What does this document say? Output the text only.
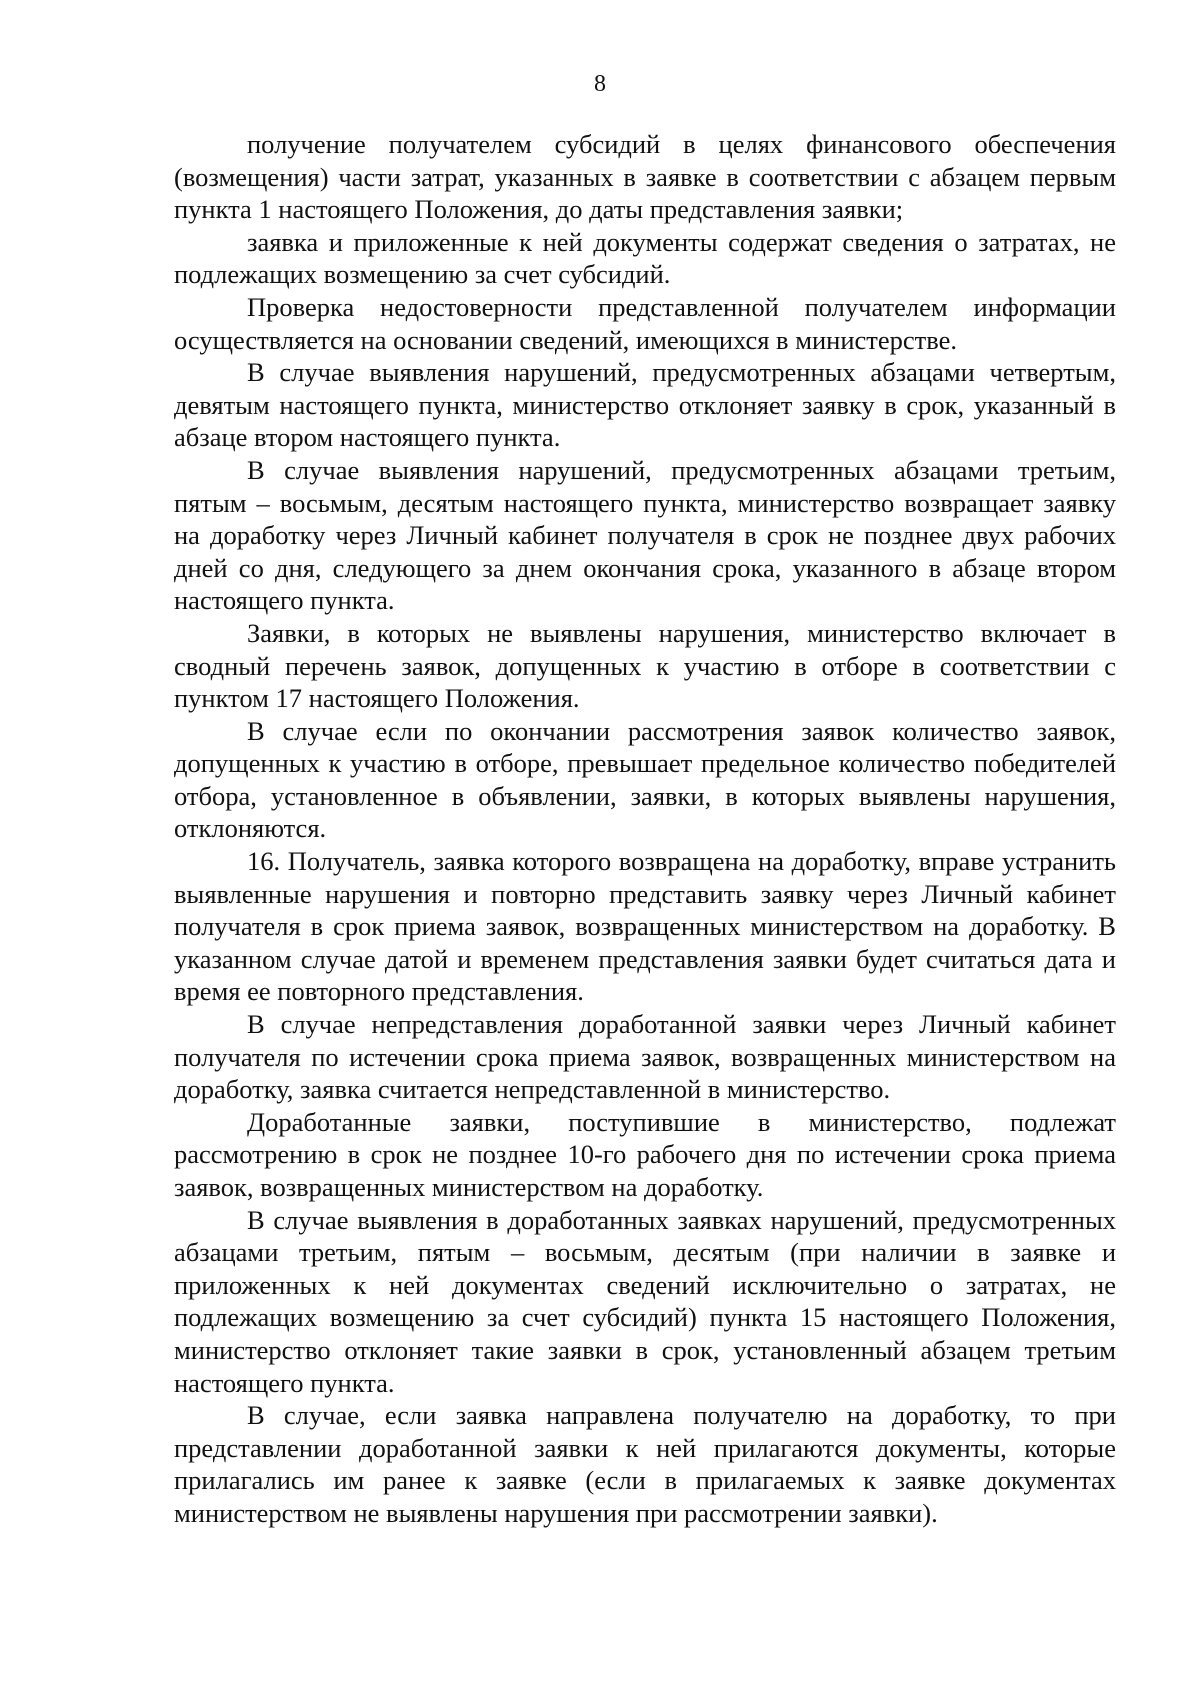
8

получение получателем субсидий в целях финансового обеспечения (возмещения) части затрат, указанных в заявке в соответствии с абзацем первым пункта 1 настоящего Положения, до даты представления заявки;

заявка и приложенные к ней документы содержат сведения о затратах, не подлежащих возмещению за счет субсидий.

Проверка недостоверности представленной получателем информации осуществляется на основании сведений, имеющихся в министерстве.

В случае выявления нарушений, предусмотренных абзацами четвертым, девятым настоящего пункта, министерство отклоняет заявку в срок, указанный в абзаце втором настоящего пункта.

В случае выявления нарушений, предусмотренных абзацами третьим, пятым – восьмым, десятым настоящего пункта, министерство возвращает заявку на доработку через Личный кабинет получателя в срок не позднее двух рабочих дней со дня, следующего за днем окончания срока, указанного в абзаце втором настоящего пункта.

Заявки, в которых не выявлены нарушения, министерство включает в сводный перечень заявок, допущенных к участию в отборе в соответствии с пунктом 17 настоящего Положения.

В случае если по окончании рассмотрения заявок количество заявок, допущенных к участию в отборе, превышает предельное количество победителей отбора, установленное в объявлении, заявки, в которых выявлены нарушения, отклоняются.

16. Получатель, заявка которого возвращена на доработку, вправе устранить выявленные нарушения и повторно представить заявку через Личный кабинет получателя в срок приема заявок, возвращенных министерством на доработку. В указанном случае датой и временем представления заявки будет считаться дата и время ее повторного представления.

В случае непредставления доработанной заявки через Личный кабинет получателя по истечении срока приема заявок, возвращенных министерством на доработку, заявка считается непредставленной в министерство.

Доработанные заявки, поступившие в министерство, подлежат рассмотрению в срок не позднее 10-го рабочего дня по истечении срока приема заявок, возвращенных министерством на доработку.

В случае выявления в доработанных заявках нарушений, предусмотренных абзацами третьим, пятым – восьмым, десятым (при наличии в заявке и приложенных к ней документах сведений исключительно о затратах, не подлежащих возмещению за счет субсидий) пункта 15 настоящего Положения, министерство отклоняет такие заявки в срок, установленный абзацем третьим настоящего пункта.

В случае, если заявка направлена получателю на доработку, то при представлении доработанной заявки к ней прилагаются документы, которые прилагались им ранее к заявке (если в прилагаемых к заявке документах министерством не выявлены нарушения при рассмотрении заявки).
